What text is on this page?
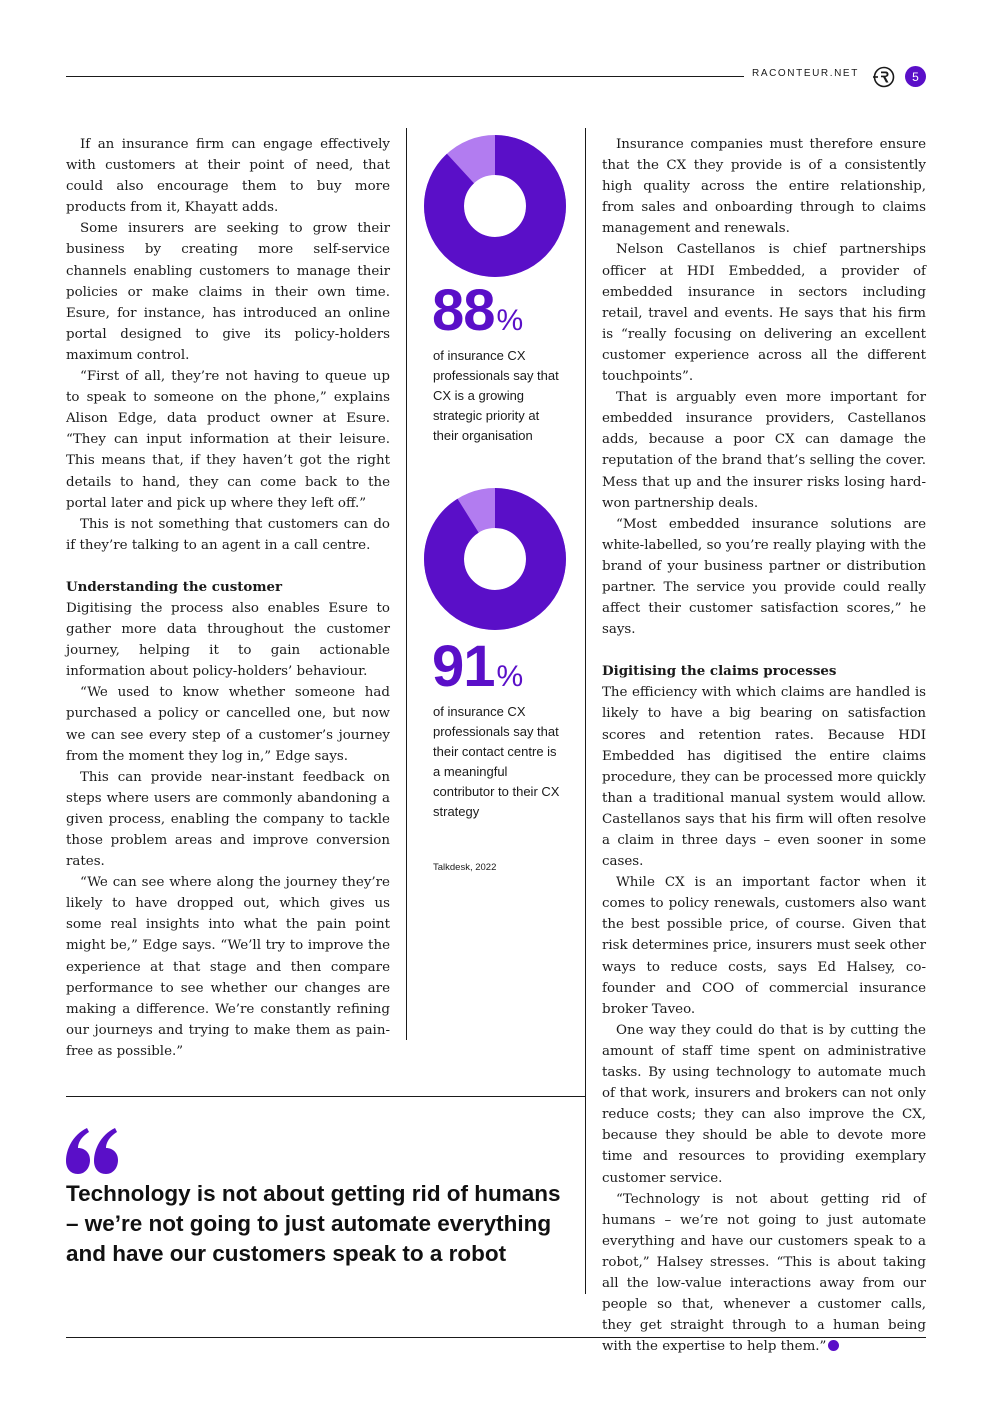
RACONTEUR.NET	5

If an insurance firm can engage effectively with customers at their point of need, that could also encourage them to buy more products from it, Khayatt adds.

Some insurers are seeking to grow their business by creating more self-service channels enabling customers to manage their policies or make claims in their own time. Esure, for instance, has introduced an online portal designed to give its policy-holders maximum control.

“First of all, they’re not having to queue up to speak to someone on the phone,” explains Alison Edge, data product owner at Esure. “They can input information at their leisure. This means that, if they haven’t got the right details to hand, they can come back to the portal later and pick up where they left off.”

This is not something that customers can do if they’re talking to an agent in a call centre.

Understanding the customer

Digitising the process also enables Esure to gather more data throughout the customer journey, helping it to gain actionable information about policy-holders’ behaviour.

“We used to know whether someone had purchased a policy or cancelled one, but now we can see every step of a customer’s journey from the moment they log in,” Edge says.

This can provide near-instant feedback on steps where users are commonly abandoning a given process, enabling the company to tackle those problem areas and improve conversion rates.

“We can see where along the journey they’re likely to have dropped out, which gives us some real insights into what the pain point might be,” Edge says. “We’ll try to improve the experience at that stage and then compare performance to see whether our changes are making a difference. We’re constantly refining our journeys and trying to make them as pain-free as possible.”

88%
of insurance CX professionals say that CX is a growing strategic priority at their organisation
91%
of insurance CX professionals say that their contact centre is a meaningful contributor to their CX strategy
Talkdesk, 2022

Insurance companies must therefore ensure that the CX they provide is of a consistently high quality across the entire relationship, from sales and onboarding through to claims management and renewals.

Nelson Castellanos is chief partnerships officer at HDI Embedded, a provider of embedded insurance in sectors including retail, travel and events. He says that his firm is “really focusing on delivering an excellent customer experience across all the different touchpoints”.

That is arguably even more important for embedded insurance providers, Castellanos adds, because a poor CX can damage the reputation of the brand that’s selling the cover. Mess that up and the insurer risks losing hard-won partnership deals.

“Most embedded insurance solutions are white-labelled, so you’re really playing with the brand of your business partner or distribution partner. The service you provide could really affect their customer satisfaction scores,” he says.

Digitising the claims processes

The efficiency with which claims are handled is likely to have a big bearing on satisfaction scores and retention rates. Because HDI Embedded has digitised the entire claims procedure, they can be processed more quickly than a traditional manual system would allow. Castellanos says that his firm will often resolve a claim in three days – even sooner in some cases.

While CX is an important factor when it comes to policy renewals, customers also want the best possible price, of course. Given that risk determines price, insurers must seek other ways to reduce costs, says Ed Halsey, co-founder and COO of commercial insurance broker Taveo.

One way they could do that is by cutting the amount of staff time spent on administrative tasks. By using technology to automate much of that work, insurers and brokers can not only reduce costs; they can also improve the CX, because they should be able to devote more time and resources to providing exemplary customer service.

“Technology is not about getting rid of humans – we’re not going to just automate everything and have our customers speak to a robot,” Halsey stresses. “This is about taking all the low-value interactions away from our people so that, whenever a customer calls, they get straight through to a human being with the expertise to help them.”

Technology is not about getting rid of humans – we’re not going to just automate everything and have our customers speak to a robot
